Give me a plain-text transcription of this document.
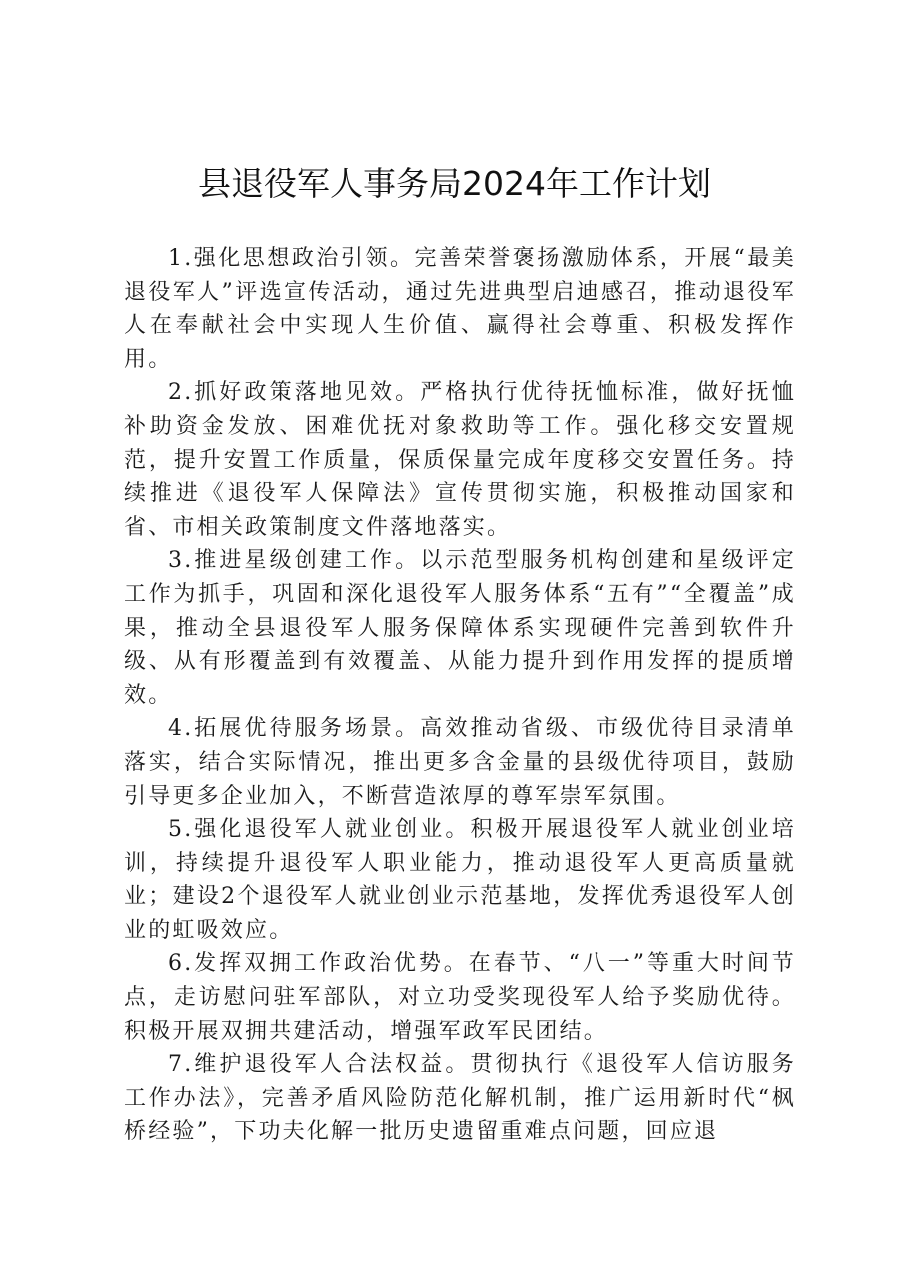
县退役军人事务局2024年工作计划

1.强化思想政治引领。完善荣誉褒扬激励体系，开展“最美退役军人”评选宣传活动，通过先进典型启迪感召，推动退役军人在奉献社会中实现人生价值、赢得社会尊重、积极发挥作用。

2.抓好政策落地见效。严格执行优待抚恤标准，做好抚恤补助资金发放、困难优抚对象救助等工作。强化移交安置规范，提升安置工作质量，保质保量完成年度移交安置任务。持续推进《退役军人保障法》宣传贯彻实施，积极推动国家和省、市相关政策制度文件落地落实。

3.推进星级创建工作。以示范型服务机构创建和星级评定工作为抓手，巩固和深化退役军人服务体系“五有”“全覆盖”成果，推动全县退役军人服务保障体系实现硬件完善到软件升级、从有形覆盖到有效覆盖、从能力提升到作用发挥的提质增效。

4.拓展优待服务场景。高效推动省级、市级优待目录清单落实，结合实际情况，推出更多含金量的县级优待项目，鼓励引导更多企业加入，不断营造浓厚的尊军崇军氛围。

5.强化退役军人就业创业。积极开展退役军人就业创业培训，持续提升退役军人职业能力，推动退役军人更高质量就业；建设2个退役军人就业创业示范基地，发挥优秀退役军人创业的虹吸效应。

6.发挥双拥工作政治优势。在春节、“八一”等重大时间节点，走访慰问驻军部队，对立功受奖现役军人给予奖励优待。积极开展双拥共建活动，增强军政军民团结。

7.维护退役军人合法权益。贯彻执行《退役军人信访服务工作办法》，完善矛盾风险防范化解机制，推广运用新时代“枫桥经验”，下功夫化解一批历史遗留重难点问题，回应退
